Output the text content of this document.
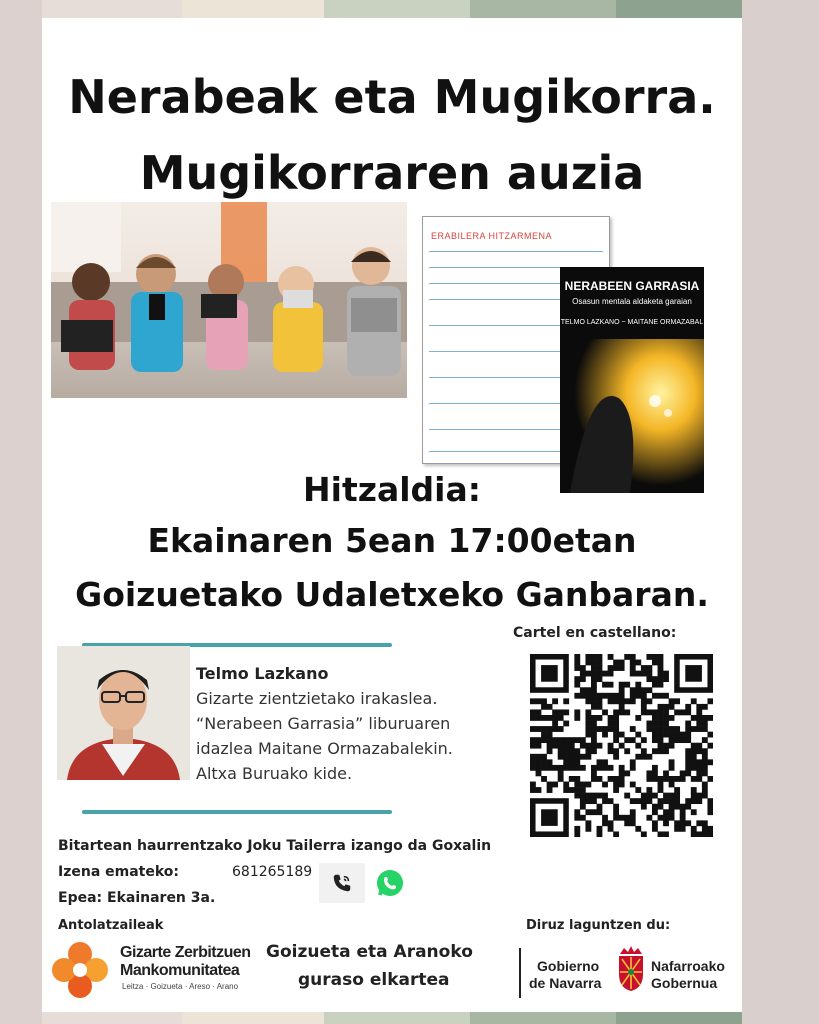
Nerabeak eta Mugikorra.
Mugikorraren auzia
ERABILERA HITZARMENA
NERABEEN GARRASIA
Osasun mentala aldaketa garaian
TELMO LAZKANO ~ MAITANE ORMAZABAL
Hitzaldia:
Ekainaren 5ean 17:00etan
Goizuetako Udaletxeko Ganbaran.
Telmo Lazkano
Gizarte zientzietako irakaslea.
“Nerabeen Garrasia” liburuaren
idazlea Maitane Ormazabalekin.
Altxa Buruako kide.
Cartel en castellano:
Bitartean haurrentzako Joku Tailerra izango da Goxalin
Izena emateko:	681265189
Epea: Ekainaren 3a.
Antolatzaileak
Gizarte Zerbitzuen
Mankomunitatea
Leitza · Goizueta · Areso · Arano
Goizueta eta Aranoko
guraso elkartea
Diruz laguntzen du:
Gobierno
de Navarra
Nafarroako
Gobernua
